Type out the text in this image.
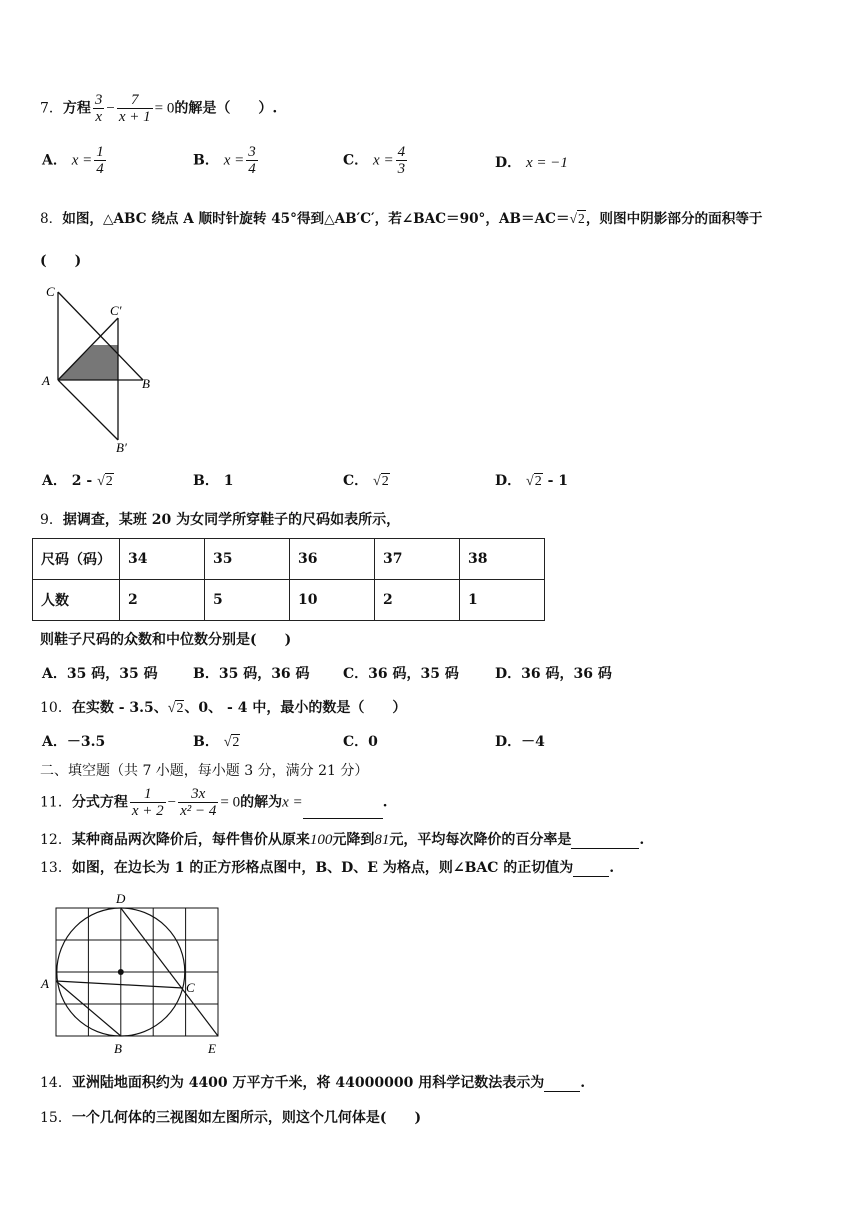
7．方程 $\frac{3}{x} - \frac{7}{x + 1} = 0$的解是（　　）.
A． $x = \frac{1}{4}$	B． $x = \frac{3}{4}$	C． $x = \frac{4}{3}$	D． x = −1
8．如图，△ABC 绕点 A 顺时针旋转 45°得到△AB′C′，若∠BAC＝90°，AB＝AC＝√2，则图中阴影部分的面积等于
(　　)
C
C′
A	B
B′
A． 2 - √2	B． 1	C． √2	D． √2 - 1
9．据调查，某班 20 为女同学所穿鞋子的尺码如表所示，
尺码（码）	34	35	36	37	38
人数	2	5	10	2	1
则鞋子尺码的众数和中位数分别是(　　)
A．35 码，35 码	B．35 码，36 码 C．36 码，35 码	D．36 码，36 码
10．在实数 - 3.5、√2、0、 - 4 中，最小的数是（　　）
A．－3.5	B． √2	C．0	D．－4
二、填空题（共 7 小题，每小题 3 分，满分 21 分）
11．分式方程 $\frac{1}{x + 2} - \frac{3x}{\text{x² − 4}} = 0$的解为x =	.
12．某种商品两次降价后，每件售价从原来100元降到81元，平均每次降价的百分率是	.
13．如图，在边长为 1 的正方形格点图中，B、D、E 为格点，则∠BAC 的正切值为	.
D
A	C
B	E
14．亚洲陆地面积约为 4400 万平方千米，将 44000000 用科学记数法表示为	.
15．一个几何体的三视图如左图所示，则这个几何体是(　　)
